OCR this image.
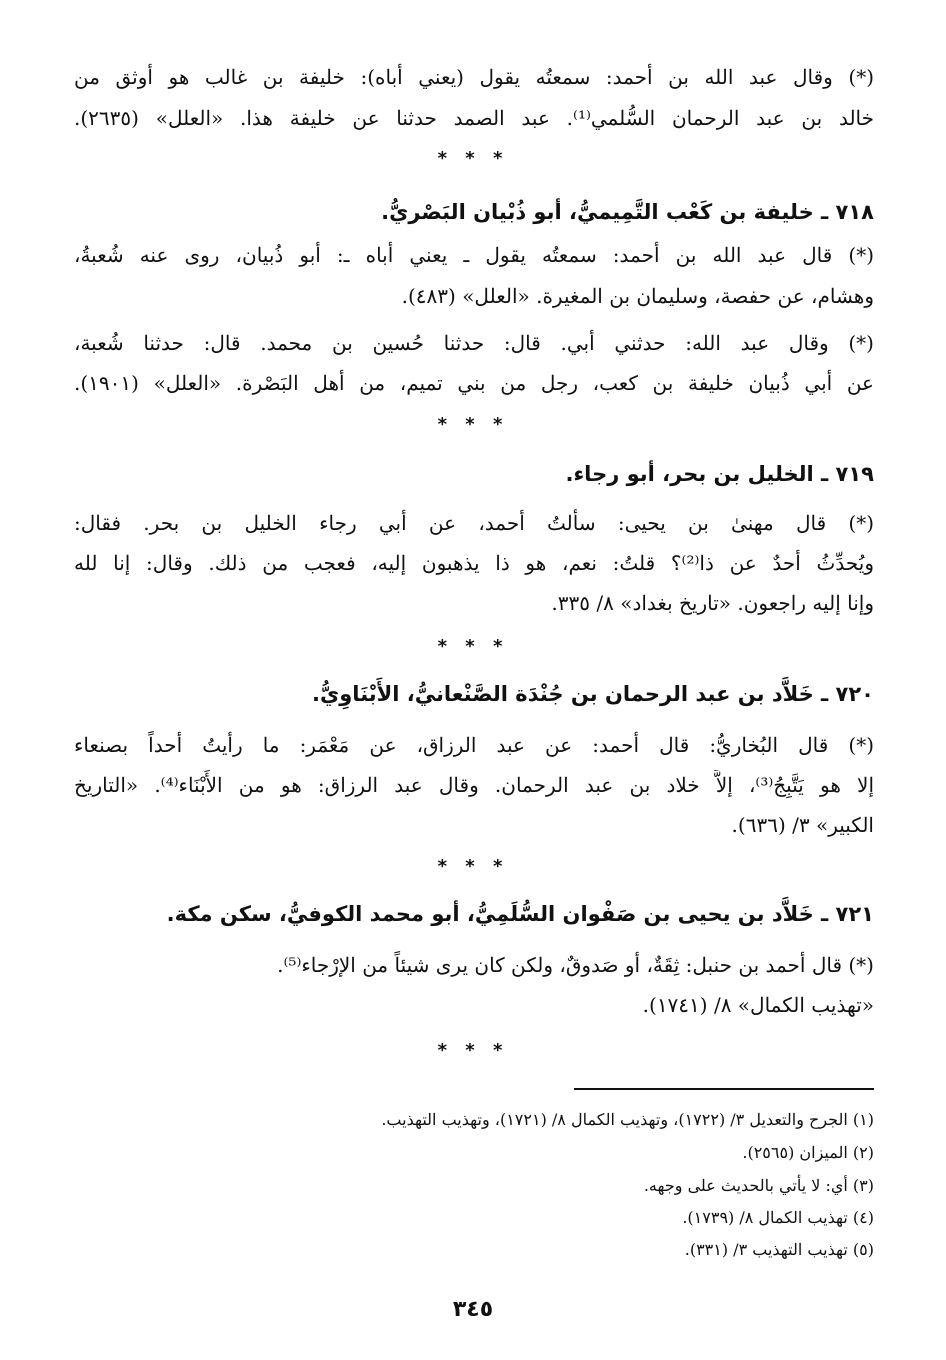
(*) وقال عبد الله بن أحمد: سمعتُه يقول (يعني أباه): خليفة بن غالب هو أوثق من
خالد بن عبد الرحمان السُّلمي⁽¹⁾. عبد الصمد حدثنا عن خليفة هذا. «العلل» (٢٦٣٥).
* * *
٧١٨ ـ خليفة بن كَعْب التَّمِيميُّ، أبو ذُبْيان البَصْريُّ.
(*) قال عبد الله بن أحمد: سمعتُه يقول ـ يعني أباه ـ: أبو ذُبيان، روى عنه شُعبةُ،
وهشام، عن حفصة، وسليمان بن المغيرة. «العلل» (٤٨٣).
(*) وقال عبد الله: حدثني أبي. قال: حدثنا حُسين بن محمد. قال: حدثنا شُعبة،
عن أبي ذُبيان خليفة بن كعب، رجل من بني تميم، من أهل البَصْرة. «العلل» (١٩٠١).
* * *
٧١٩ ـ الخليل بن بحر، أبو رجاء.
(*) قال مهنىٰ بن يحيى: سألتُ أحمد، عن أبي رجاء الخليل بن بحر. فقال:
ويُحدِّثُ أحدٌ عن ذا⁽²⁾؟ قلتُ: نعم، هو ذا يذهبون إليه، فعجب من ذلك. وقال: إنا لله
وإنا إليه راجعون. «تاريخ بغداد» ٨/ ٣٣٥.
* * *
٧٢٠ ـ خَلاَّد بن عبد الرحمان بن جُنْدَة الصَّنْعانيُّ، الأَبْنَاوِيُّ.
(*) قال البُخاريُّ: قال أحمد: عن عبد الرزاق، عن مَعْمَر: ما رأيتُ أحداً بصنعاء
إلا هو يَتَّبِجُ⁽³⁾، إلاَّ خلاد بن عبد الرحمان. وقال عبد الرزاق: هو من الأَبْنَاء⁽⁴⁾. «التاريخ
الكبير» ٣/ (٦٣٦).
* * *
٧٢١ ـ خَلاَّد بن يحيى بن صَفْوان السُّلَمِيُّ، أبو محمد الكوفيُّ، سكن مكة.
(*) قال أحمد بن حنبل: ثِقَةٌ، أو صَدوقٌ، ولكن كان يرى شيئاً من الإرْجاء⁽⁵⁾.
«تهذيب الكمال» ٨/ (١٧٤١).
* * *
(١) الجرح والتعديل ٣/ (١٧٢٢)، وتهذيب الكمال ٨/ (١٧٢١)، وتهذيب التهذيب.
(٢) الميزان (٢٥٦٥).
(٣) أي: لا يأتي بالحديث على وجهه.
(٤) تهذيب الكمال ٨/ (١٧٣٩).
(٥) تهذيب التهذيب ٣/ (٣٣١).
٣٤٥
